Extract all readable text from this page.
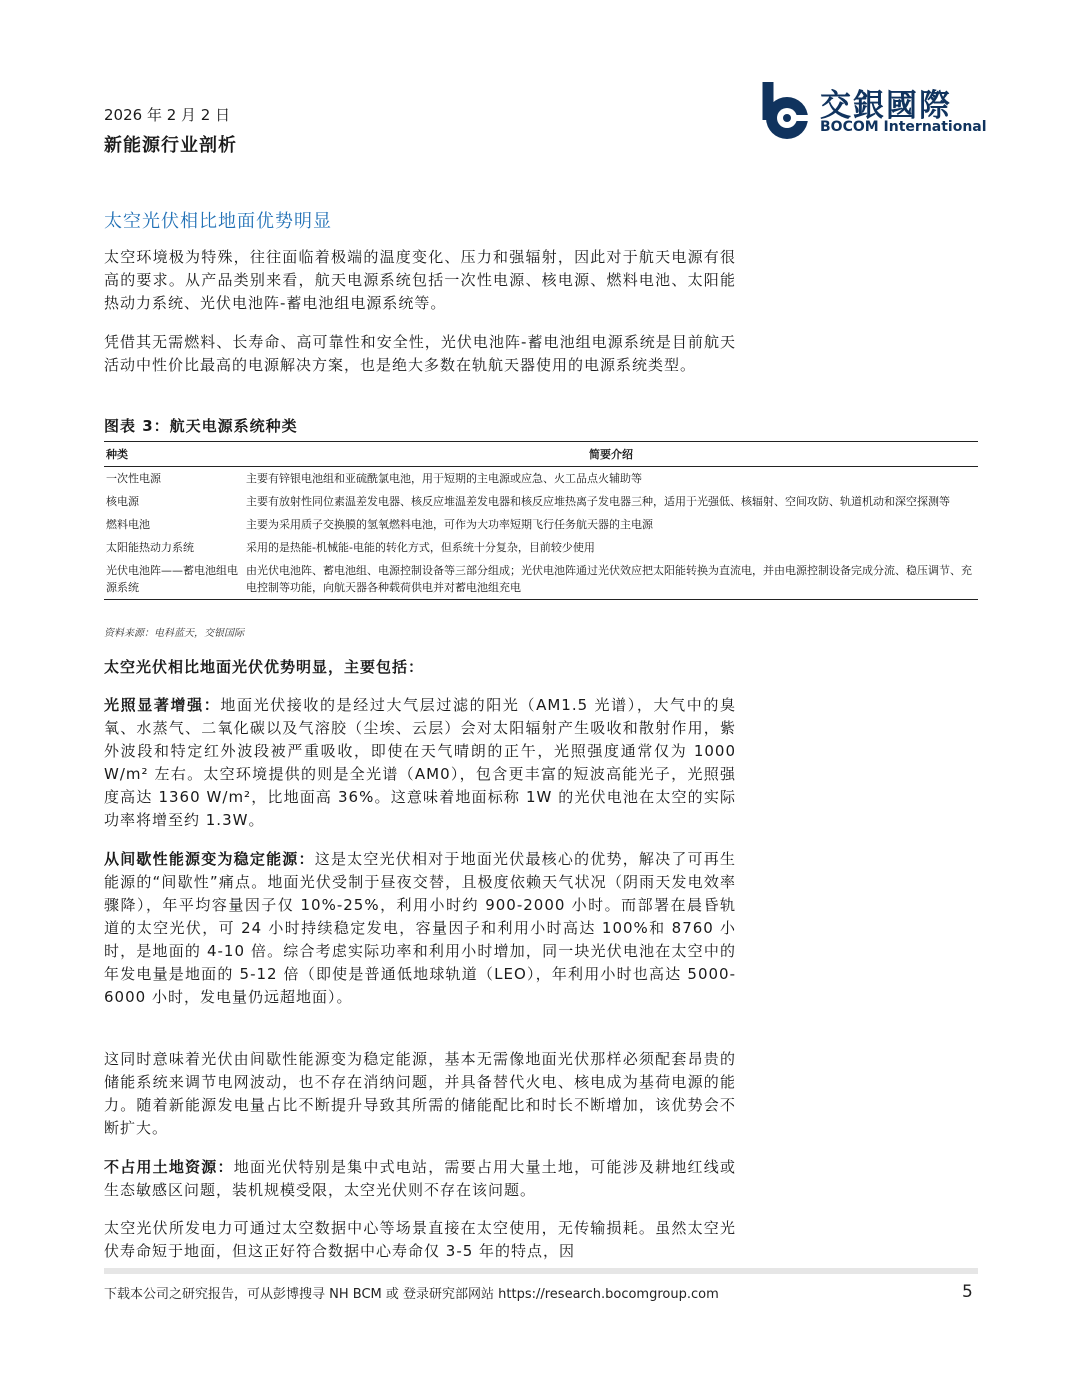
2026 年 2 月 2 日
新能源行业剖析
交銀國際
BOCOM International
太空光伏相比地面优势明显
太空环境极为特殊，往往面临着极端的温度变化、压力和强辐射，因此对于航天电源有很高的要求。从产品类别来看，航天电源系统包括一次性电源、核电源、燃料电池、太阳能热动力系统、光伏电池阵-蓄电池组电源系统等。
凭借其无需燃料、长寿命、高可靠性和安全性，光伏电池阵-蓄电池组电源系统是目前航天活动中性价比最高的电源解决方案，也是绝大多数在轨航天器使用的电源系统类型。
图表 3：航天电源系统种类
种类	简要介绍
一次性电源	主要有锌银电池组和亚硫酰氯电池，用于短期的主电源或应急、火工品点火辅助等
核电源	主要有放射性同位素温差发电器、核反应堆温差发电器和核反应堆热离子发电器三种，适用于光强低、核辐射、空间攻防、轨道机动和深空探测等
燃料电池	主要为采用质子交换膜的氢氧燃料电池，可作为大功率短期飞行任务航天器的主电源
太阳能热动力系统	采用的是热能-机械能-电能的转化方式，但系统十分复杂，目前较少使用
光伏电池阵——蓄电池组电源系统	由光伏电池阵、蓄电池组、电源控制设备等三部分组成；光伏电池阵通过光伏效应把太阳能转换为直流电，并由电源控制设备完成分流、稳压调节、充电控制等功能，向航天器各种载荷供电并对蓄电池组充电
资料来源：电科蓝天，交银国际
太空光伏相比地面光伏优势明显，主要包括：
光照显著增强：地面光伏接收的是经过大气层过滤的阳光（AM1.5 光谱），大气中的臭氧、水蒸气、二氧化碳以及气溶胶（尘埃、云层）会对太阳辐射产生吸收和散射作用，紫外波段和特定红外波段被严重吸收，即使在天气晴朗的正午，光照强度通常仅为 1000 W/m² 左右。太空环境提供的则是全光谱（AM0），包含更丰富的短波高能光子，光照强度高达 1360 W/m²，比地面高 36%。这意味着地面标称 1W 的光伏电池在太空的实际功率将增至约 1.3W。
从间歇性能源变为稳定能源：这是太空光伏相对于地面光伏最核心的优势，解决了可再生能源的“间歇性”痛点。地面光伏受制于昼夜交替，且极度依赖天气状况（阴雨天发电效率骤降），年平均容量因子仅 10%-25%，利用小时约 900-2000 小时。而部署在晨昏轨道的太空光伏，可 24 小时持续稳定发电，容量因子和利用小时高达 100%和 8760 小时，是地面的 4-10 倍。综合考虑实际功率和利用小时增加，同一块光伏电池在太空中的年发电量是地面的 5-12 倍（即使是普通低地球轨道（LEO），年利用小时也高达 5000-6000 小时，发电量仍远超地面）。
这同时意味着光伏由间歇性能源变为稳定能源，基本无需像地面光伏那样必须配套昂贵的储能系统来调节电网波动，也不存在消纳问题，并具备替代火电、核电成为基荷电源的能力。随着新能源发电量占比不断提升导致其所需的储能配比和时长不断增加，该优势会不断扩大。
不占用土地资源：地面光伏特别是集中式电站，需要占用大量土地，可能涉及耕地红线或生态敏感区问题，装机规模受限，太空光伏则不存在该问题。
太空光伏所发电力可通过太空数据中心等场景直接在太空使用，无传输损耗。虽然太空光伏寿命短于地面，但这正好符合数据中心寿命仅 3-5 年的特点，因
下载本公司之研究报告，可从彭博搜寻 NH BCM 或 登录研究部网站 https://research.bocomgroup.com	5
